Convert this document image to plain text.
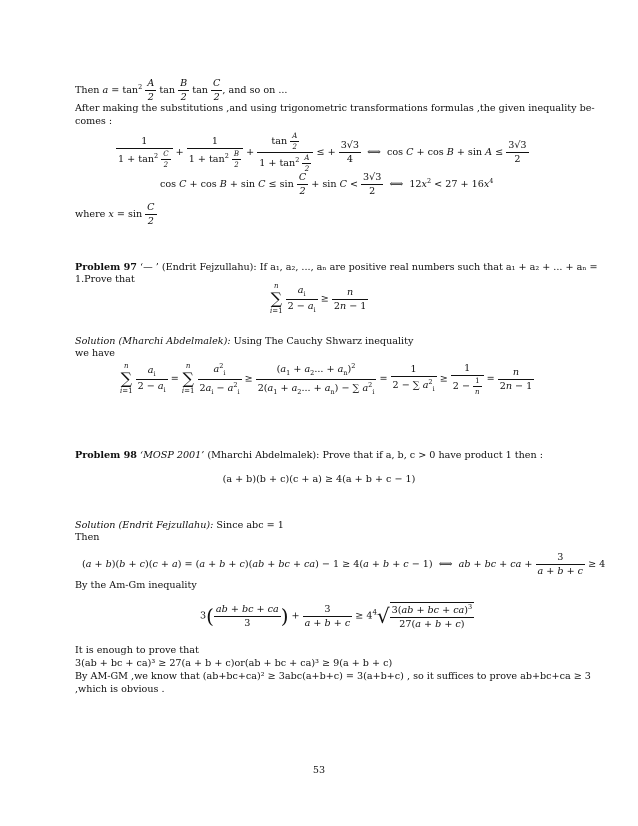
Then $a = \tan^2 \frac{A}{2}$ $\tan \frac{B}{2}$ $\tan \frac{C}{2}$ , and so on ...
After making the substitutions ,and using trigonometric transformations formulas ,the given inequality be-
comes :
$\frac{1}{1 + \tan^2 \frac{C}{2}} + \frac{1}{1 + \tan^2 \frac{B}{2}} + \frac{\tan \frac{A}{2}}{1 + \tan^2 \frac{A}{2}}$ ≤ + $\frac{3√3}{4}$ ⟺  $\cos C + \cos B + \sin A \le \frac{3√3}{2}$
$\cos C + \cos B + \sin C \le \sin \frac{C}{2} + \sin C < \frac{3√3}{2}$ ⟺  $12x^2 < 27 + 16x^4$
where $x = \sin \frac{C}{2}$
Problem 97 ‘— ’ (Endrit Fejzullahu): If a₁, a₂, ..., aₙ are positive real numbers such that a₁ + a₂ + ... + aₙ =
1.Prove that
n
∑
i=1
$\frac{a_i}{2 - a_i} \ge \frac{n}{2n - 1}$
Solution (Mharchi Abdelmalek): Using The Cauchy Shwarz inequality
we have
n
∑
i=1
$\frac{a_i}{2 - a_i}$ =
n
∑
i=1
$\frac{a^2_i}{2a_i - a^2_i} \ge \frac{(a_1 + a_2... + a_n)^2}{2(a_1 + a_2... + a_n) - \sum a^2_i} = \frac{1}{2 - \sum a^2_i} \ge \frac{1}{2 - \frac{1}{n}} = \frac{n}{2n - 1}$
Problem 98 ‘MOSP 2001’ (Mharchi Abdelmalek): Prove that if a, b, c > 0 have product 1 then :
(a + b)(b + c)(c + a) ≥ 4(a + b + c − 1)
Solution (Endrit Fejzullahu): Since abc = 1
Then
(a + b)(b + c)(c + a) = (a + b + c)(ab + bc + ca) − 1 ≥ 4(a + b + c − 1)  ⟺  ab + bc + ca + $\frac{3}{a + b + c} \ge 4$
By the Am-Gm inequality
$3( \frac{ab + bc + ca}{3}$ ) + $\frac{3}{a + b + c} \ge 4^4√ \frac{3(ab + bc + ca)^3}{27(a + b + c)}$
It is enough to prove that
3(ab + bc + ca)³ ≥ 27(a + b + c)or(ab + bc + ca)³ ≥ 9(a + b + c)
By AM-GM ,we know that (ab+bc+ca)² ≥ 3abc(a+b+c) = 3(a+b+c) , so it suffices to prove ab+bc+ca ≥ 3
,which is obvious .
53
